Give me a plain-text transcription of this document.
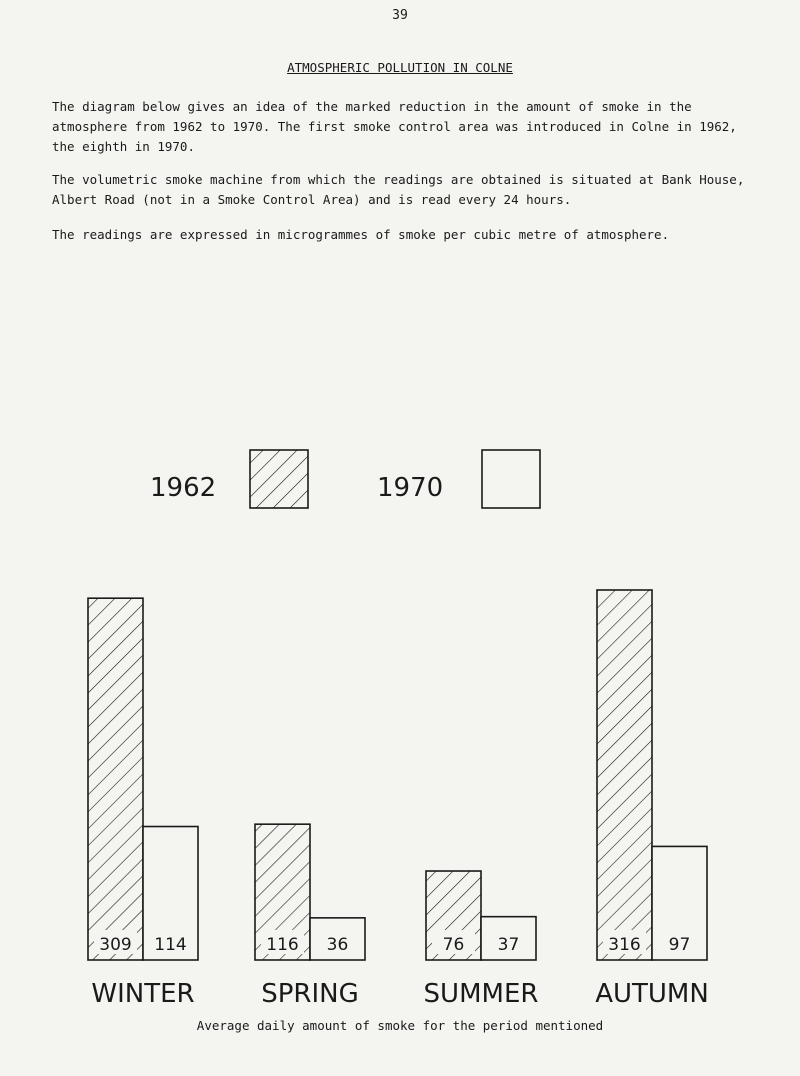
39
ATMOSPHERIC POLLUTION IN COLNE

The diagram below gives an idea of the marked reduction in the amount of smoke in the atmosphere from 1962 to 1970. The first smoke control area was introduced in Colne in 1962, the eighth in 1970.

The volumetric smoke machine from which the readings are obtained is situated at Bank House, Albert Road (not in a Smoke Control Area) and is read every 24 hours.

The readings are expressed in microgrammes of smoke per cubic metre of atmosphere.

1962	1970
309 114
WINTER
116 36
SPRING
76 37
SUMMER
316 97
AUTUMN
Average daily amount of smoke for the period mentioned
